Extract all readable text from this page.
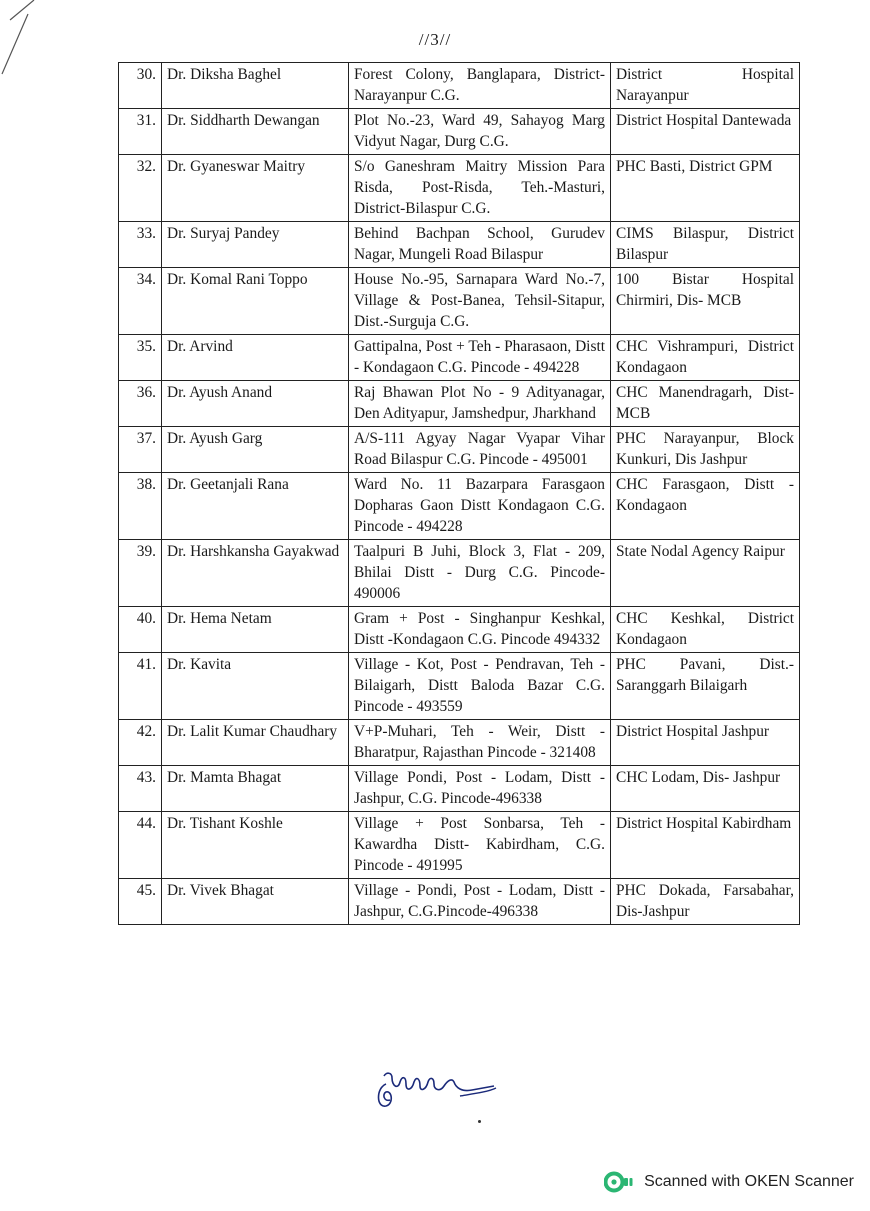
//3//
30.	Dr. Diksha Baghel	Forest Colony, Banglapara, District-Narayanpur C.G.	District Hospital Narayanpur
31.	Dr. Siddharth Dewangan	Plot No.-23, Ward 49, Sahayog Marg Vidyut Nagar, Durg C.G.	District Hospital Dantewada
32.	Dr. Gyaneswar Maitry	S/o Ganeshram Maitry Mission Para Risda, Post-Risda, Teh.-Masturi, District-Bilaspur C.G.	PHC Basti, District GPM
33.	Dr. Suryaj Pandey	Behind Bachpan School, Gurudev Nagar, Mungeli Road Bilaspur	CIMS Bilaspur, District Bilaspur
34.	Dr. Komal Rani Toppo	House No.-95, Sarnapara Ward No.-7, Village & Post-Banea, Tehsil-Sitapur, Dist.-Surguja C.G.	100 Bistar Hospital Chirmiri, Dis- MCB
35.	Dr. Arvind	Gattipalna, Post + Teh - Pharasaon, Distt - Kondagaon C.G. Pincode - 494228	CHC Vishrampuri, District Kondagaon
36.	Dr. Ayush Anand	Raj Bhawan Plot No - 9 Adityanagar, Den Adityapur, Jamshedpur, Jharkhand	CHC Manendragarh, Dist- MCB
37.	Dr. Ayush Garg	A/S-111 Agyay Nagar Vyapar Vihar Road Bilaspur C.G. Pincode - 495001	PHC Narayanpur, Block Kunkuri, Dis Jashpur
38.	Dr. Geetanjali Rana	Ward No. 11 Bazarpara Farasgaon Dopharas Gaon Distt Kondagaon C.G. Pincode - 494228	CHC Farasgaon, Distt - Kondagaon
39.	Dr. Harshkansha Gayakwad	Taalpuri B Juhi, Block 3, Flat - 209, Bhilai Distt - Durg C.G. Pincode-490006	State Nodal Agency Raipur
40.	Dr. Hema Netam	Gram + Post - Singhanpur Keshkal, Distt -Kondagaon C.G. Pincode 494332	CHC Keshkal, District Kondagaon
41.	Dr. Kavita	Village - Kot, Post - Pendravan, Teh - Bilaigarh, Distt Baloda Bazar C.G. Pincode - 493559	PHC Pavani, Dist.- Saranggarh Bilaigarh
42.	Dr. Lalit Kumar Chaudhary	V+P-Muhari, Teh - Weir, Distt - Bharatpur, Rajasthan Pincode - 321408	District Hospital Jashpur
43.	Dr. Mamta Bhagat	Village Pondi, Post - Lodam, Distt -Jashpur, C.G. Pincode-496338	CHC Lodam, Dis- Jashpur
44.	Dr. Tishant Koshle	Village + Post Sonbarsa, Teh - Kawardha Distt- Kabirdham, C.G. Pincode - 491995	District Hospital Kabirdham
45.	Dr. Vivek Bhagat	Village - Pondi, Post - Lodam, Distt - Jashpur, C.G.Pincode-496338	PHC Dokada, Farsabahar, Dis-Jashpur
Scanned with OKEN Scanner
